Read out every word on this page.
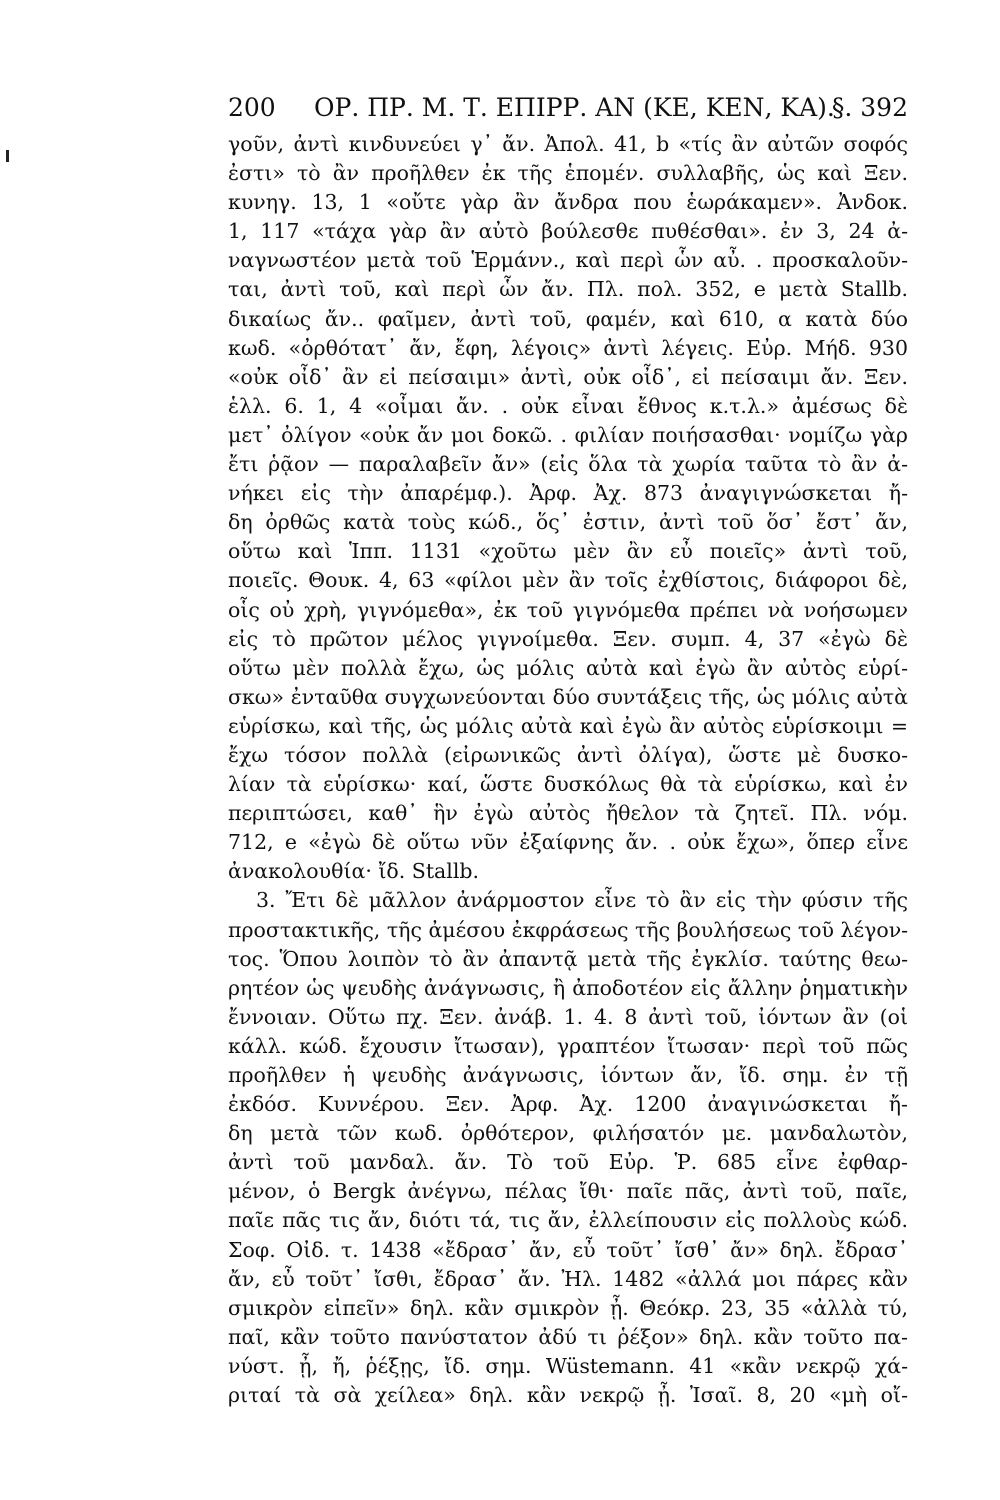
200 ΟΡ. ΠΡ. Μ. Τ. ΕΠΙΡΡ. ΑΝ (ΚΕ, ΚΕΝ, ΚΑ).
§. 392
γοῦν, ἀντὶ κινδυνεύει γ᾽ ἄν. Ἀπολ. 41, b «τίς ἂν αὐτῶν σοφός
ἐστι» τὸ ἂν προῆλθεν ἐκ τῆς ἑπομέν. συλλαβῆς, ὡς καὶ Ξεν.
κυνηγ. 13, 1 «οὔτε γὰρ ἂν ἄνδρα που ἑωράκαμεν». Ἀνδοκ.
1, 117 «τάχα γὰρ ἂν αὐτὸ βούλεσθε πυθέσθαι». ἐν 3, 24 ἀ-
ναγνωστέον μετὰ τοῦ Ἑρμάνν., καὶ περὶ ὧν αὖ. . προσκαλοῦν-
ται, ἀντὶ τοῦ, καὶ περὶ ὧν ἄν. Πλ. πολ. 352, e μετὰ Stallb.
δικαίως ἄν.. φαῖμεν, ἀντὶ τοῦ, φαμέν, καὶ 610, α κατὰ δύο
κωδ. «ὀρθότατ᾽ ἄν, ἔφη, λέγοις» ἀντὶ λέγεις. Εὐρ. Μήδ. 930
«οὐκ οἶδ᾽ ἂν εἰ πείσαιμι» ἀντὶ, οὐκ οἶδ᾽, εἰ πείσαιμι ἄν. Ξεν.
ἑλλ. 6. 1, 4 «οἶμαι ἄν. . οὐκ εἶναι ἔθνος κ.τ.λ.» ἀμέσως δὲ
μετ᾽ ὀλίγον «οὐκ ἄν μοι δοκῶ. . φιλίαν ποιήσασθαι· νομίζω γὰρ
ἔτι ῥᾷον — παραλαβεῖν ἄν» (εἰς ὅλα τὰ χωρία ταῦτα τὸ ἂν ἀ-
νήκει εἰς τὴν ἀπαρέμφ.). Ἀρφ. Ἀχ. 873 ἀναγιγνώσκεται ἤ-
δη ὀρθῶς κατὰ τοὺς κώδ., ὅς᾽ ἐστιν, ἀντὶ τοῦ ὅσ᾽ ἔστ᾽ ἄν,
οὕτω καὶ Ἱππ. 1131 «χοῦτω μὲν ἂν εὖ ποιεῖς» ἀντὶ τοῦ,
ποιεῖς. Θουκ. 4, 63 «φίλοι μὲν ἂν τοῖς ἐχθίστοις, διάφοροι δὲ,
οἷς οὐ χρὴ, γιγνόμεθα», ἐκ τοῦ γιγνόμεθα πρέπει νὰ νοήσωμεν
εἰς τὸ πρῶτον μέλος γιγνοίμεθα. Ξεν. συμπ. 4, 37 «ἐγὼ δὲ
οὕτω μὲν πολλὰ ἔχω, ὡς μόλις αὐτὰ καὶ ἐγὼ ἂν αὐτὸς εὑρί-
σκω» ἐνταῦθα συγχωνεύονται δύο συντάξεις τῆς, ὡς μόλις αὐτὰ
εὑρίσκω, καὶ τῆς, ὡς μόλις αὐτὰ καὶ ἐγὼ ἂν αὐτὸς εὑρίσκοιμι =
ἔχω τόσον πολλὰ (εἰρωνικῶς ἀντὶ ὀλίγα), ὥστε μὲ δυσκο-
λίαν τὰ εὑρίσκω· καί, ὥστε δυσκόλως θὰ τὰ εὑρίσκω, καὶ ἐν
περιπτώσει, καθ᾽ ἣν ἐγὼ αὐτὸς ἤθελον τὰ ζητεῖ. Πλ. νόμ.
712, e «ἐγὼ δὲ οὕτω νῦν ἐξαίφνης ἄν. . οὐκ ἔχω», ὅπερ εἶνε
ἀνακολουθία· ἴδ. Stallb.
3. Ἔτι δὲ μᾶλλον ἀνάρμοστον εἶνε τὸ ἂν εἰς τὴν φύσιν τῆς
προστακτικῆς, τῆς ἀμέσου ἐκφράσεως τῆς βουλήσεως τοῦ λέγον-
τος. Ὅπου λοιπὸν τὸ ἂν ἀπαντᾷ μετὰ τῆς ἐγκλίσ. ταύτης θεω-
ρητέον ὡς ψευδὴς ἀνάγνωσις, ἢ ἀποδοτέον εἰς ἄλλην ῥηματικὴν
ἔννοιαν. Οὕτω πχ. Ξεν. ἀνάβ. 1. 4. 8 ἀντὶ τοῦ, ἰόντων ἂν (οἱ
κάλλ. κώδ. ἔχουσιν ἴτωσαν), γραπτέον ἴτωσαν· περὶ τοῦ πῶς
προῆλθεν ἡ ψευδὴς ἀνάγνωσις, ἰόντων ἄν, ἴδ. σημ. ἐν τῇ
ἐκδόσ. Κυννέρου. Ξεν. Ἀρφ. Ἀχ. 1200 ἀναγινώσκεται ἤ-
δη μετὰ τῶν κωδ. ὀρθότερον, φιλήσατόν με. μανδαλωτὸν,
ἀντὶ τοῦ μανδαλ. ἄν. Τὸ τοῦ Εὐρ. Ῥ. 685 εἶνε ἐφθαρ-
μένον, ὁ Bergk ἀνέγνω, πέλας ἴθι· παῖε πᾶς, ἀντὶ τοῦ, παῖε,
παῖε πᾶς τις ἄν, διότι τά, τις ἄν, ἐλλείπουσιν εἰς πολλοὺς κώδ.
Σοφ. Οἰδ. τ. 1438 «ἔδρασ᾽ ἄν, εὖ τοῦτ᾽ ἴσθ᾽ ἄν» δηλ. ἔδρασ᾽
ἄν, εὖ τοῦτ᾽ ἴσθι, ἔδρασ᾽ ἄν. Ἠλ. 1482 «ἀλλά μοι πάρες κἂν
σμικρὸν εἰπεῖν» δηλ. κἂν σμικρὸν ᾖ. Θεόκρ. 23, 35 «ἀλλὰ τύ,
παῖ, κἂν τοῦτο πανύστατον ἀδύ τι ῥέξον» δηλ. κἂν τοῦτο πα-
νύστ. ᾖ, ἤ, ῥέξῃς, ἴδ. σημ. Wüstemann. 41 «κἂν νεκρῷ χά-
ριταί τὰ σὰ χείλεα» δηλ. κἂν νεκρῷ ᾖ. Ἰσαῖ. 8, 20 «μὴ οἴ-
